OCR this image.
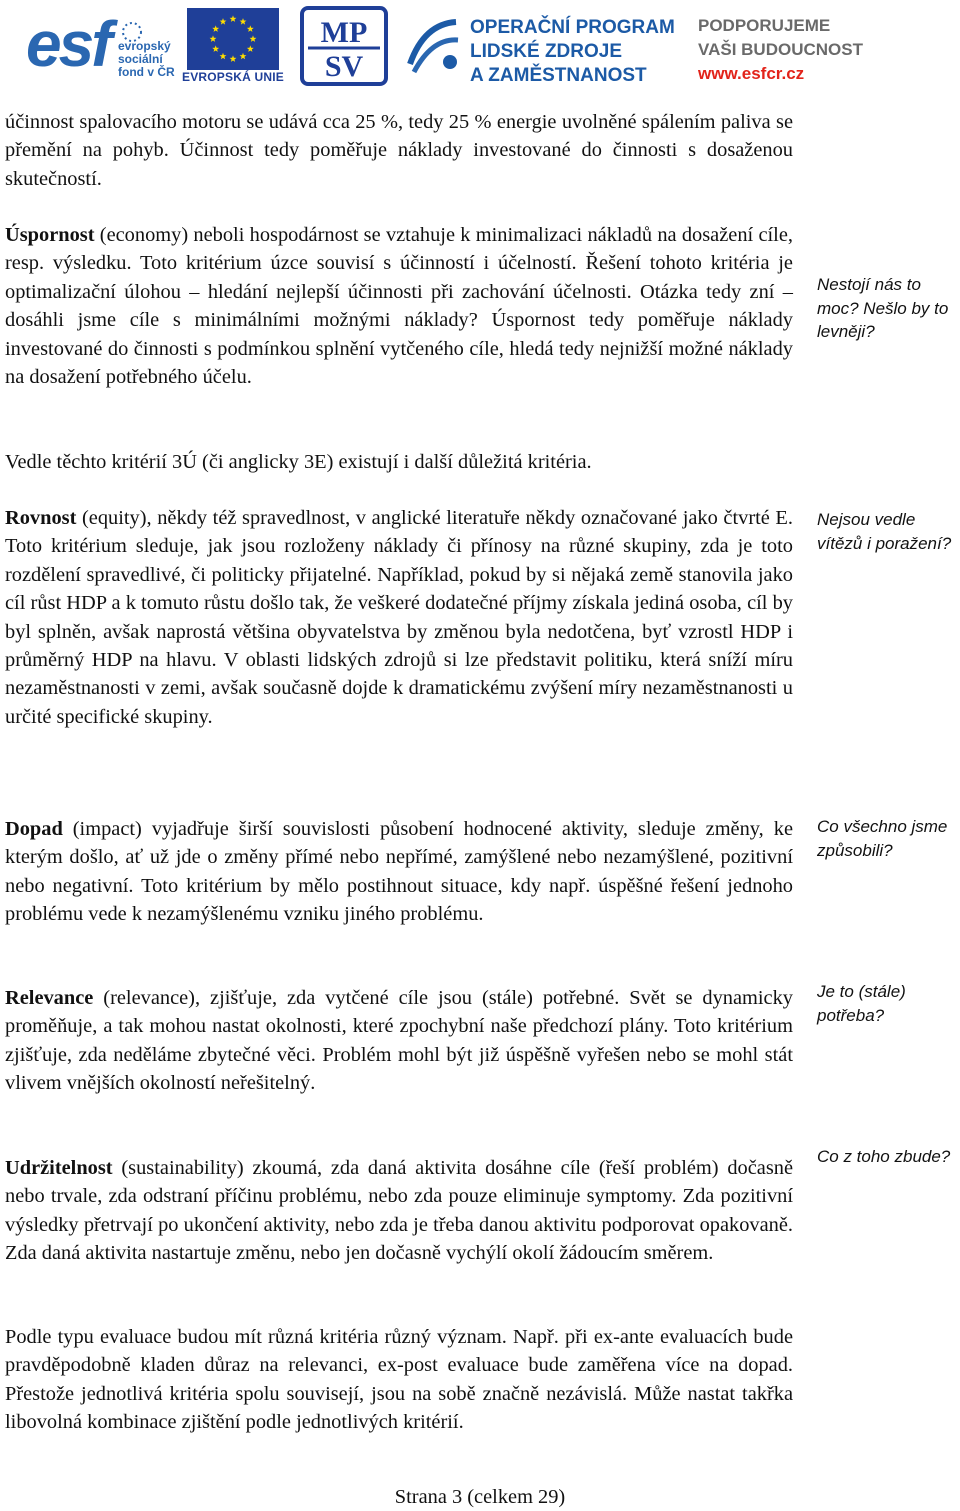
esf evropský
sociální
fond v ČR EVROPSKÁ UNIE
MP
SV
OPERAČNÍ PROGRAM
LIDSKÉ ZDROJE
A ZAMĚSTNANOST
PODPORUJEME
VAŠI BUDOUCNOST
www.esfcr.cz

účinnost spalovacího motoru se udává cca 25 %, tedy 25 % energie uvolněné spálením paliva se přemění na pohyb. Účinnost tedy poměřuje náklady investované do činnosti s dosaženou skutečností.

Úspornost (economy) neboli hospodárnost se vztahuje k minimalizaci nákladů na dosažení cíle, resp. výsledku. Toto kritérium úzce souvisí s účinností i účelností. Řešení tohoto kritéria je optimalizační úlohou – hledání nejlepší účinnosti při zachování účelnosti. Otázka tedy zní – dosáhli jsme cíle s minimálními možnými náklady? Úspornost tedy poměřuje náklady investované do činnosti s podmínkou splnění vytčeného cíle, hledá tedy nejnižší možné náklady na dosažení potřebného účelu.

Nestojí nás to moc? Nešlo by to levněji?

Vedle těchto kritérií 3Ú (či anglicky 3E) existují i další důležitá kritéria.

Rovnost (equity), někdy též spravedlnost, v anglické literatuře někdy označované jako čtvrté E. Toto kritérium sleduje, jak jsou rozloženy náklady či přínosy na různé skupiny, zda je toto rozdělení spravedlivé, či politicky přijatelné. Například, pokud by si nějaká země stanovila jako cíl růst HDP a k tomuto růstu došlo tak, že veškeré dodatečné příjmy získala jediná osoba, cíl by byl splněn, avšak naprostá většina obyvatelstva by změnou byla nedotčena, byť vzrostl HDP i průměrný HDP na hlavu. V oblasti lidských zdrojů si lze představit politiku, která sníží míru nezaměstnanosti v zemi, avšak současně dojde k dramatickému zvýšení míry nezaměstnanosti u určité specifické skupiny.

Nejsou vedle vítězů i poražení?

Dopad (impact) vyjadřuje širší souvislosti působení hodnocené aktivity, sleduje změny, ke kterým došlo, ať už jde o změny přímé nebo nepřímé, zamýšlené nebo nezamýšlené, pozitivní nebo negativní. Toto kritérium by mělo postihnout situace, kdy např. úspěšné řešení jednoho problému vede k nezamýšlenému vzniku jiného problému.

Co všechno jsme způsobili?

Relevance (relevance), zjišťuje, zda vytčené cíle jsou (stále) potřebné. Svět se dynamicky proměňuje, a tak mohou nastat okolnosti, které zpochybní naše předchozí plány. Toto kritérium zjišťuje, zda neděláme zbytečné věci. Problém mohl být již úspěšně vyřešen nebo se mohl stát vlivem vnějších okolností neřešitelný.

Je to (stále) potřeba?

Udržitelnost (sustainability) zkoumá, zda daná aktivita dosáhne cíle (řeší problém) dočasně nebo trvale, zda odstraní příčinu problému, nebo zda pouze eliminuje symptomy. Zda pozitivní výsledky přetrvají po ukončení aktivity, nebo zda je třeba danou aktivitu podporovat opakovaně. Zda daná aktivita nastartuje změnu, nebo jen dočasně vychýlí okolí žádoucím směrem.

Co z toho zbude?

Podle typu evaluace budou mít různá kritéria různý význam. Např. při ex-ante evaluacích bude pravděpodobně kladen důraz na relevanci, ex-post evaluace bude zaměřena více na dopad. Přestože jednotlivá kritéria spolu souvisejí, jsou na sobě značně nezávislá. Může nastat takřka libovolná kombinace zjištění podle jednotlivých kritérií.

Strana 3 (celkem 29)
